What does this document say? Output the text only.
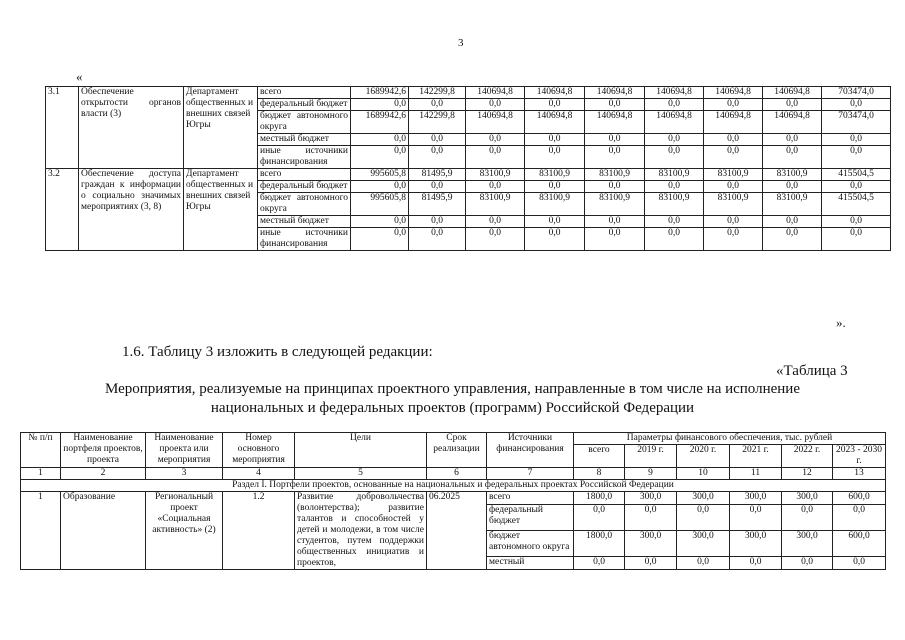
3
«
3.1	Обеспечение открытости органов власти (3)	Департамент общественных и внешних связей Югры	всего	1689942,6	142299,8	140694,8	140694,8	140694,8	140694,8	140694,8	140694,8	703474,0
			федеральный бюджет	0,0	0,0	0,0	0,0	0,0	0,0	0,0	0,0	0,0
			бюджет автономного округа	1689942,6	142299,8	140694,8	140694,8	140694,8	140694,8	140694,8	140694,8	703474,0
			местный бюджет	0,0	0,0	0,0	0,0	0,0	0,0	0,0	0,0	0,0
			иные источники финансирования	0,0	0,0	0,0	0,0	0,0	0,0	0,0	0,0	0,0
3.2	Обеспечение доступа граждан к информации о социально значимых мероприятиях (3, 8)	Департамент общественных и внешних связей Югры	всего	995605,8	81495,9	83100,9	83100,9	83100,9	83100,9	83100,9	83100,9	415504,5
			федеральный бюджет	0,0	0,0	0,0	0,0	0,0	0,0	0,0	0,0	0,0
			бюджет автономного округа	995605,8	81495,9	83100,9	83100,9	83100,9	83100,9	83100,9	83100,9	415504,5
			местный бюджет	0,0	0,0	0,0	0,0	0,0	0,0	0,0	0,0	0,0
			иные источники финансирования	0,0	0,0	0,0	0,0	0,0	0,0	0,0	0,0	0,0
».
1.6. Таблицу 3 изложить в следующей редакции:
«Таблица 3
Мероприятия, реализуемые на принципах проектного управления, направленные в том числе на исполнение
национальных и федеральных проектов (программ) Российской Федерации
№ п/п	Наименование портфеля проектов, проекта	Наименование проекта или мероприятия	Номер основного мероприятия	Цели	Срок реализации	Источники финансирования	Параметры финансового обеспечения, тыс. рублей					
							всего	2019 г.	2020 г.	2021 г.	2022 г.	2023 - 2030 г.
1	2	3	4	5	6	7	8	9	10	11	12	13
Раздел I. Портфели проектов, основанные на национальных и федеральных проектах Российской Федерации												
1	Образование	Региональный проект «Социальная активность» (2)	1.2	Развитие добровольчества (волонтерства); развитие талантов и способностей у детей и молодежи, в том числе студентов, путем поддержки общественных инициатив и проектов,	06.2025	всего	1800,0	300,0	300,0	300,0	300,0	600,0
						федеральный бюджет	0,0	0,0	0,0	0,0	0,0	0,0
						бюджет автономного округа	1800,0	300,0	300,0	300,0	300,0	600,0
						местный	0,0	0,0	0,0	0,0	0,0	0,0
